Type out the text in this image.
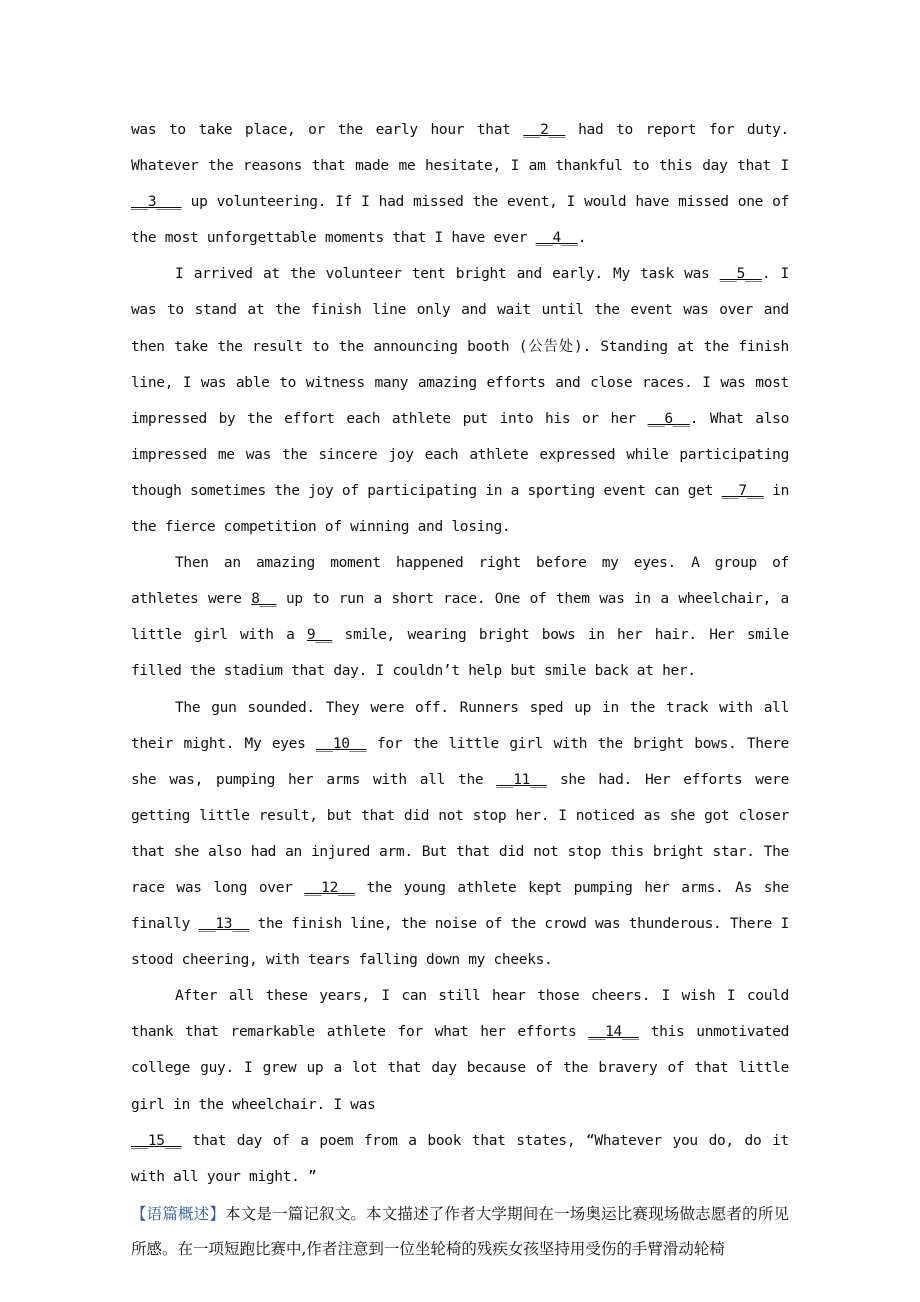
was to take place, or the early hour that __2__ had to report for duty. Whatever the reasons that made me hesitate, I am thankful to this day that I __3___ up volunteering. If I had missed the event, I would have missed one of the most unforgettable moments that I have ever __4__.

I arrived at the volunteer tent bright and early. My task was __5__. I was to stand at the finish line only and wait until the event was over and then take the result to the announcing booth (公告处). Standing at the finish line, I was able to witness many amazing efforts and close races. I was most impressed by the effort each athlete put into his or her __6__. What also impressed me was the sincere joy each athlete expressed while participating though sometimes the joy of participating in a sporting event can get __7__ in the fierce competition of winning and losing.

Then an amazing moment happened right before my eyes. A group of athletes were 8__ up to run a short race. One of them was in a wheelchair, a little girl with a 9__ smile, wearing bright bows in her hair. Her smile filled the stadium that day. I couldn’t help but smile back at her.

The gun sounded. They were off. Runners sped up in the track with all their might. My eyes __10__ for the little girl with the bright bows. There she was, pumping her arms with all the __11__ she had. Her efforts were getting little result, but that did not stop her. I noticed as she got closer that she also had an injured arm. But that did not stop this bright star. The race was long over __12__ the young athlete kept pumping her arms. As she finally __13__ the finish line, the noise of the crowd was thunderous. There I stood cheering, with tears falling down my cheeks.

After all these years, I can still hear those cheers. I wish I could thank that remarkable athlete for what her efforts __14__ this unmotivated college guy. I grew up a lot that day because of the bravery of that little girl in the wheelchair. I was

__15__ that day of a poem from a book that states, “Whatever you do, do it with all your might. ”

【语篇概述】本文是一篇记叙文。本文描述了作者大学期间在一场奥运比赛现场做志愿者的所见所感。在一项短跑比赛中,作者注意到一位坐轮椅的残疾女孩坚持用受伤的手臂滑动轮椅
